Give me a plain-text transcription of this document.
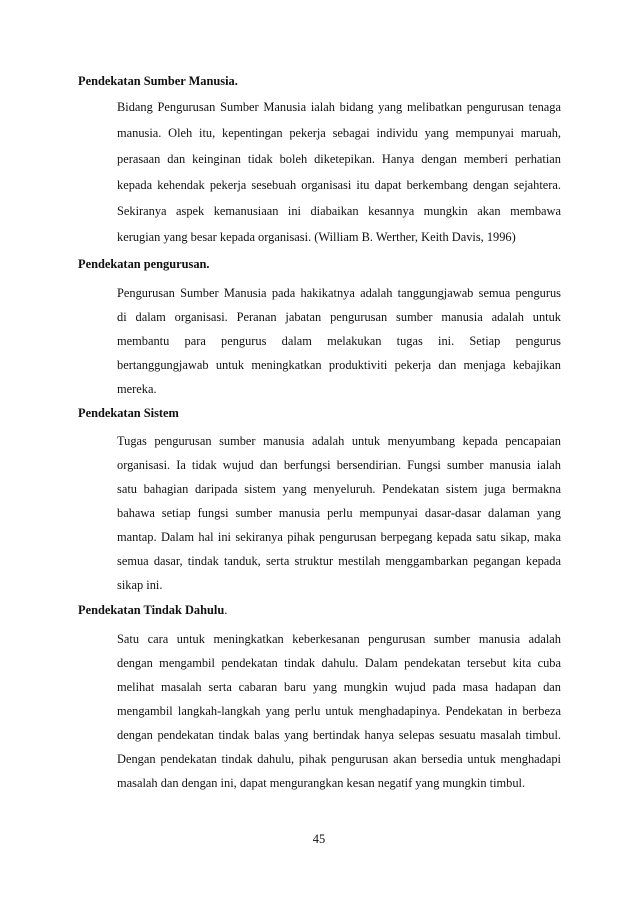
Pendekatan Sumber Manusia.
Bidang Pengurusan Sumber Manusia ialah bidang yang melibatkan pengurusan tenaga
manusia. Oleh itu, kepentingan pekerja sebagai individu yang mempunyai maruah,
perasaan dan keinginan tidak boleh diketepikan. Hanya dengan memberi perhatian
kepada kehendak pekerja sesebuah organisasi itu dapat berkembang dengan sejahtera.
Sekiranya aspek kemanusiaan ini diabaikan kesannya mungkin akan membawa
kerugian yang besar kepada organisasi. (William B. Werther, Keith Davis, 1996)
Pendekatan pengurusan.
Pengurusan Sumber Manusia pada hakikatnya adalah tanggungjawab semua pengurus
di dalam organisasi. Peranan jabatan pengurusan sumber manusia adalah untuk
membantu para pengurus dalam melakukan tugas ini. Setiap pengurus
bertanggungjawab untuk meningkatkan produktiviti pekerja dan menjaga kebajikan
mereka.
Pendekatan Sistem
Tugas pengurusan sumber manusia adalah untuk menyumbang kepada pencapaian
organisasi. Ia tidak wujud dan berfungsi bersendirian. Fungsi sumber manusia ialah
satu bahagian daripada sistem yang menyeluruh. Pendekatan sistem juga bermakna
bahawa setiap fungsi sumber manusia perlu mempunyai dasar-dasar dalaman yang
mantap. Dalam hal ini sekiranya pihak pengurusan berpegang kepada satu sikap, maka
semua dasar, tindak tanduk, serta struktur mestilah menggambarkan pegangan kepada
sikap ini.
Pendekatan Tindak Dahulu.
Satu cara untuk meningkatkan keberkesanan pengurusan sumber manusia adalah
dengan mengambil pendekatan tindak dahulu. Dalam pendekatan tersebut kita cuba
melihat masalah serta cabaran baru yang mungkin wujud pada masa hadapan dan
mengambil langkah-langkah yang perlu untuk menghadapinya. Pendekatan in berbeza
dengan pendekatan tindak balas yang bertindak hanya selepas sesuatu masalah timbul.
Dengan pendekatan tindak dahulu, pihak pengurusan akan bersedia untuk menghadapi
masalah dan dengan ini, dapat mengurangkan kesan negatif yang mungkin timbul.
45
